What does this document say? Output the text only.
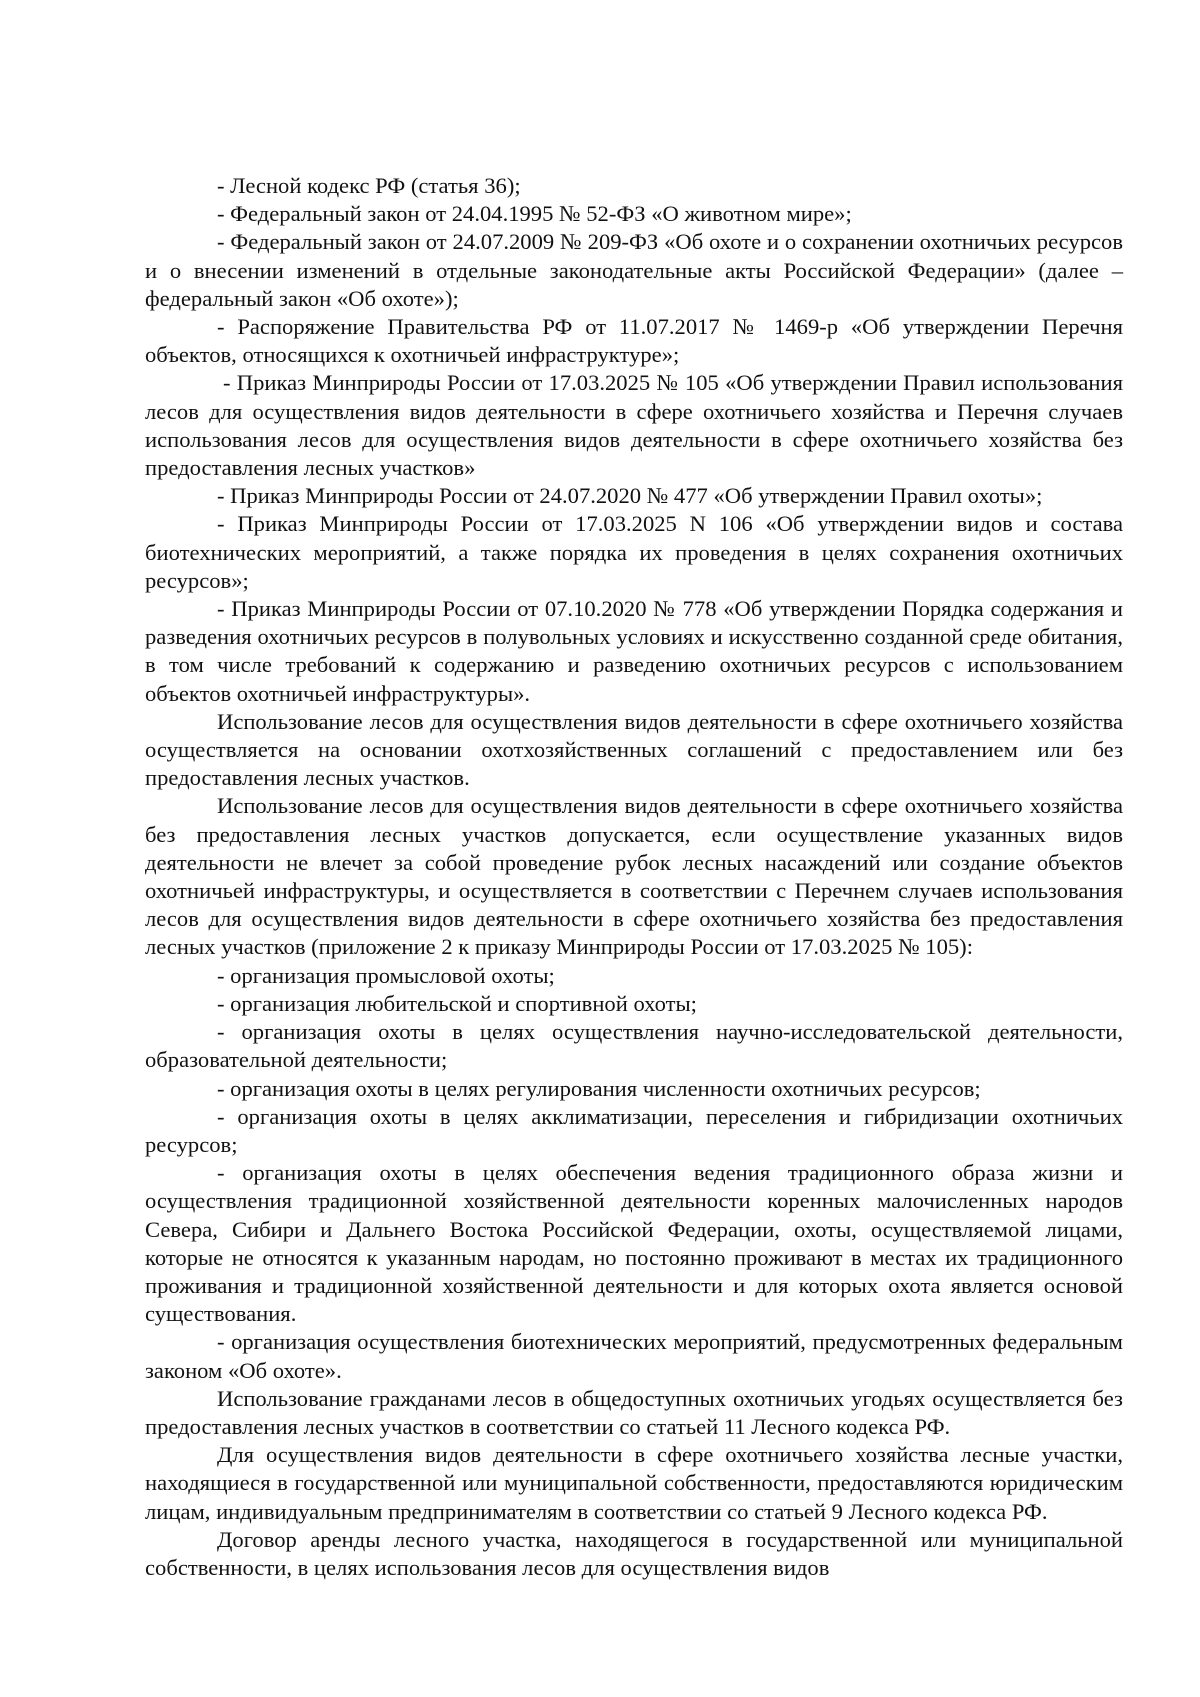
- Лесной кодекс РФ (статья 36);

- Федеральный закон от 24.04.1995 № 52-ФЗ «О животном мире»;

- Федеральный закон от 24.07.2009 № 209-ФЗ «Об охоте и о сохранении охотничьих ресурсов и о внесении изменений в отдельные законодательные акты Российской Федерации» (далее – федеральный закон «Об охоте»);

- Распоряжение Правительства РФ от 11.07.2017 № 1469-р «Об утверждении Перечня объектов, относящихся к охотничьей инфраструктуре»;

- Приказ Минприроды России от 17.03.2025 № 105 «Об утверждении Правил использования лесов для осуществления видов деятельности в сфере охотничьего хозяйства и Перечня случаев использования лесов для осуществления видов деятельности в сфере охотничьего хозяйства без предоставления лесных участков»

- Приказ Минприроды России от 24.07.2020 № 477 «Об утверждении Правил охоты»;

- Приказ Минприроды России от 17.03.2025 N 106 «Об утверждении видов и состава биотехнических мероприятий, а также порядка их проведения в целях сохранения охотничьих ресурсов»;

- Приказ Минприроды России от 07.10.2020 № 778 «Об утверждении Порядка содержания и разведения охотничьих ресурсов в полувольных условиях и искусственно созданной среде обитания, в том числе требований к содержанию и разведению охотничьих ресурсов с использованием объектов охотничьей инфраструктуры».

Использование лесов для осуществления видов деятельности в сфере охотничьего хозяйства осуществляется на основании охотхозяйственных соглашений с предоставлением или без предоставления лесных участков.

Использование лесов для осуществления видов деятельности в сфере охотничьего хозяйства без предоставления лесных участков допускается, если осуществление указанных видов деятельности не влечет за собой проведение рубок лесных насаждений или создание объектов охотничьей инфраструктуры, и осуществляется в соответствии с Перечнем случаев использования лесов для осуществления видов деятельности в сфере охотничьего хозяйства без предоставления лесных участков (приложение 2 к приказу Минприроды России от 17.03.2025 № 105):

- организация промысловой охоты;

- организация любительской и спортивной охоты;

- организация охоты в целях осуществления научно-исследовательской деятельности, образовательной деятельности;

- организация охоты в целях регулирования численности охотничьих ресурсов;

- организация охоты в целях акклиматизации, переселения и гибридизации охотничьих ресурсов;

- организация охоты в целях обеспечения ведения традиционного образа жизни и осуществления традиционной хозяйственной деятельности коренных малочисленных народов Севера, Сибири и Дальнего Востока Российской Федерации, охоты, осуществляемой лицами, которые не относятся к указанным народам, но постоянно проживают в местах их традиционного проживания и традиционной хозяйственной деятельности и для которых охота является основой существования.

- организация осуществления биотехнических мероприятий, предусмотренных федеральным законом «Об охоте».

Использование гражданами лесов в общедоступных охотничьих угодьях осуществляется без предоставления лесных участков в соответствии со статьей 11 Лесного кодекса РФ.

Для осуществления видов деятельности в сфере охотничьего хозяйства лесные участки, находящиеся в государственной или муниципальной собственности, предоставляются юридическим лицам, индивидуальным предпринимателям в соответствии со статьей 9 Лесного кодекса РФ.

Договор аренды лесного участка, находящегося в государственной или муниципальной собственности, в целях использования лесов для осуществления видов
